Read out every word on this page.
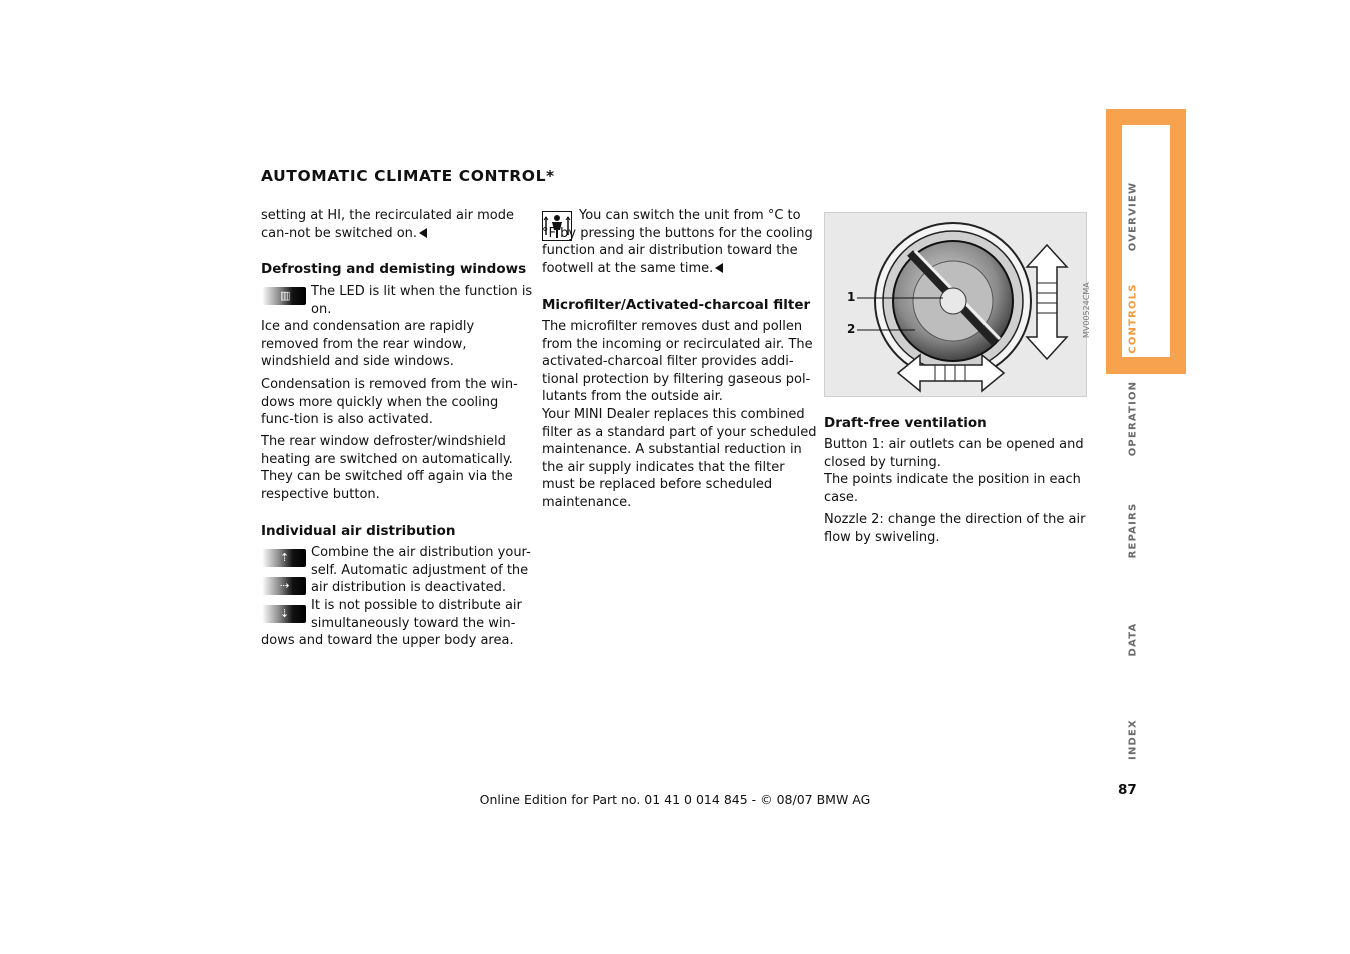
AUTOMATIC CLIMATE CONTROL*

setting at HI, the recirculated air mode can-not be switched on.

Defrosting and demisting windows

▥ The LED is lit when the function is on.

Ice and condensation are rapidly removed from the rear window, windshield and side windows.

Condensation is removed from the win-dows more quickly when the cooling func-tion is also activated.

The rear window defroster/windshield heating are switched on automatically. They can be switched off again via the respective button.

Individual air distribution

⇡
⇢
⇣

Combine the air distribution your-self. Automatic adjustment of the air distribution is deactivated.

It is not possible to distribute air simultaneously toward the win-

dows and toward the upper body area.

You can switch the unit from °C to °F by pressing the buttons for the cooling function and air distribution toward the footwell at the same time.

Microfilter/Activated-charcoal filter

The microfilter removes dust and pollen from the incoming or recirculated air. The activated-charcoal filter provides addi-tional protection by filtering gaseous pol-lutants from the outside air.

Your MINI Dealer replaces this combined filter as a standard part of your scheduled maintenance. A substantial reduction in the air supply indicates that the filter must be replaced before scheduled maintenance.

1
2	MV00524CMA

Draft-free ventilation

Button 1: air outlets can be opened and closed by turning.

The points indicate the position in each case.

Nozzle 2: change the direction of the air flow by swiveling.

OVERVIEW
CONTROLS
OPERATION
REPAIRS
DATA
INDEX
87
Online Edition for Part no. 01 41 0 014 845 - © 08/07 BMW AG
